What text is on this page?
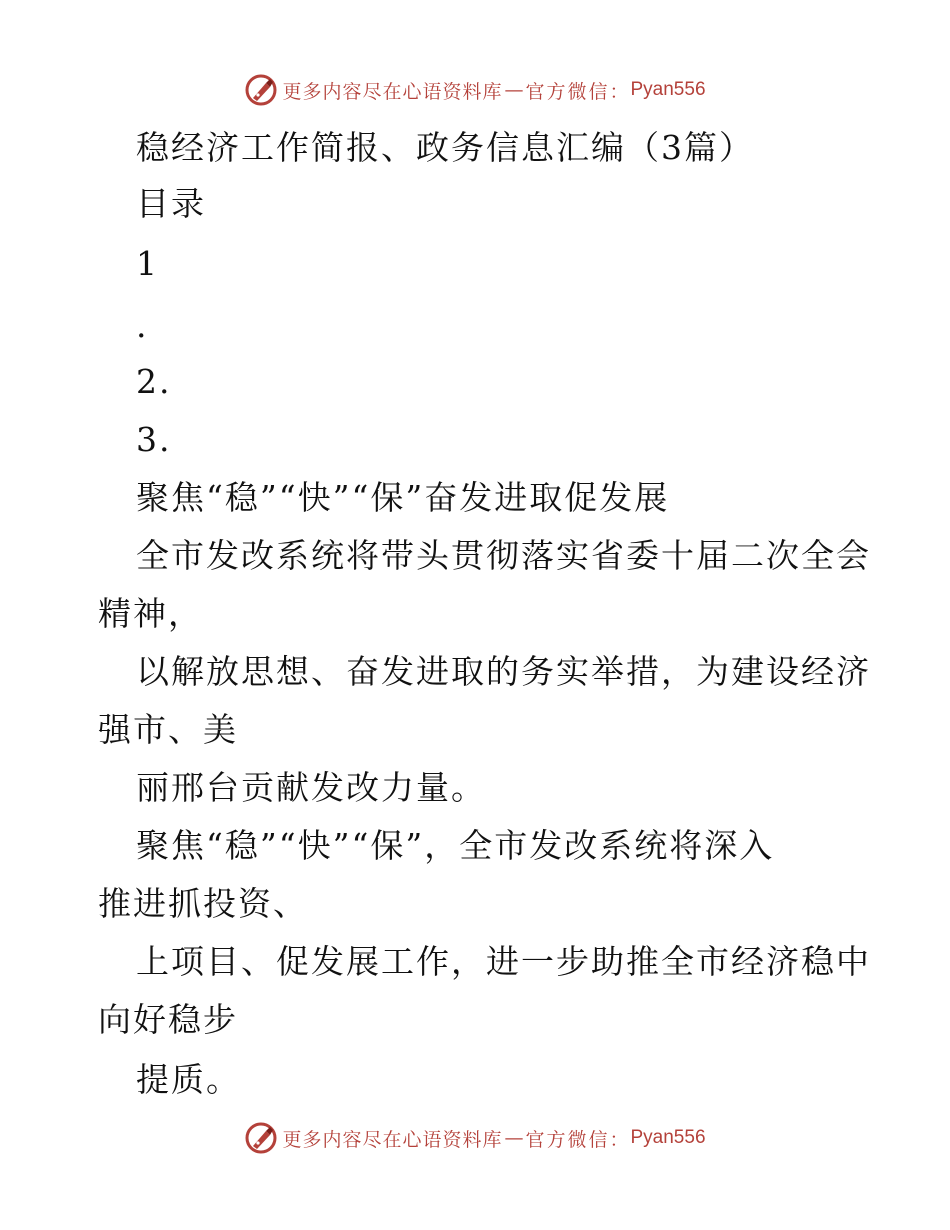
更多内容尽在心语资料库 — 官方微信： Pyan556
稳经济工作简报、政务信息汇编（3篇）
目录
1
.
2.
3.
聚焦“稳”“快”“保”奋发进取促发展
全市发改系统将带头贯彻落实省委十届二次全会
精神，
以解放思想、奋发进取的务实举措，为建设经济
强市、美
丽邢台贡献发改力量。
聚焦“稳”“快”“保”，全市发改系统将深入
推进抓投资、
上项目、促发展工作，进一步助推全市经济稳中
向好稳步
提质。
更多内容尽在心语资料库 — 官方微信： Pyan556
